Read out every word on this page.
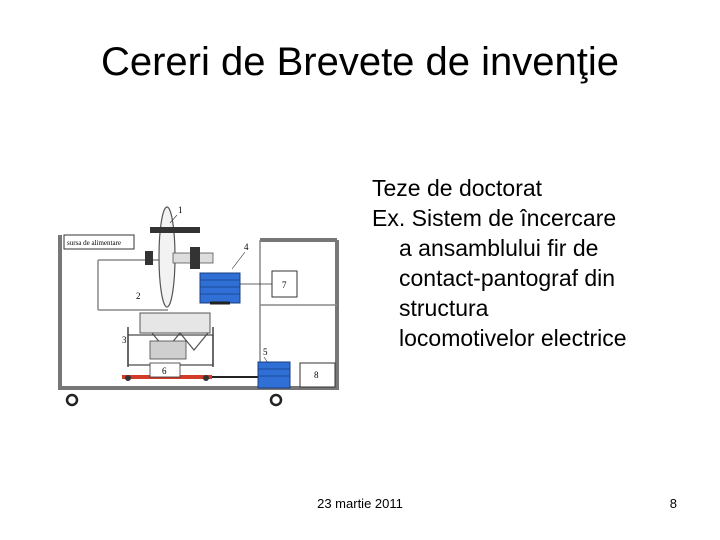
Cereri de Brevete de invenţie
Teze de doctorat
Ex. Sistem de încercare
a ansamblului fir de
contact-pantograf din
structura
locomotivelor electrice
sursa de alimentare
1
2
3
4
5
6
7
8
23 martie 2011	8
